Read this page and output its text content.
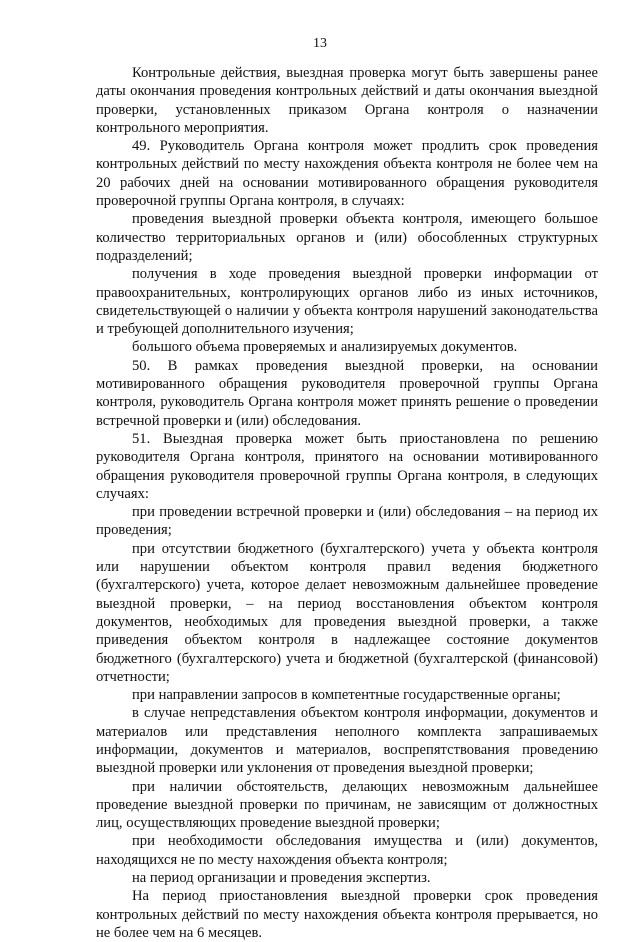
13

Контрольные действия, выездная проверка могут быть завершены ранее даты окончания проведения контрольных действий и даты окончания выездной проверки, установленных приказом Органа контроля о назначении контрольного мероприятия.

49. Руководитель Органа контроля может продлить срок проведения контрольных действий по месту нахождения объекта контроля не более чем на 20 рабочих дней на основании мотивированного обращения руководителя проверочной группы Органа контроля, в случаях:

проведения выездной проверки объекта контроля, имеющего большое количество территориальных органов и (или) обособленных структурных подразделений;

получения в ходе проведения выездной проверки информации от правоохранительных, контролирующих органов либо из иных источников, свидетельствующей о наличии у объекта контроля нарушений законодательства и требующей дополнительного изучения;

большого объема проверяемых и анализируемых документов.

50. В рамках проведения выездной проверки, на основании мотивированного обращения руководителя проверочной группы Органа контроля, руководитель Органа контроля может принять решение о проведении встречной проверки и (или) обследования.

51. Выездная проверка может быть приостановлена по решению руководителя Органа контроля, принятого на основании мотивированного обращения руководителя проверочной группы Органа контроля, в следующих случаях:

при проведении встречной проверки и (или) обследования – на период их проведения;

при отсутствии бюджетного (бухгалтерского) учета у объекта контроля или нарушении объектом контроля правил ведения бюджетного (бухгалтерского) учета, которое делает невозможным дальнейшее проведение выездной проверки, – на период восстановления объектом контроля документов, необходимых для проведения выездной проверки, а также приведения объектом контроля в надлежащее состояние документов бюджетного (бухгалтерского) учета и бюджетной (бухгалтерской (финансовой) отчетности;

при направлении запросов в компетентные государственные органы;

в случае непредставления объектом контроля информации, документов и материалов или представления неполного комплекта запрашиваемых информации, документов и материалов, воспрепятствования проведению выездной проверки или уклонения от проведения выездной проверки;

при наличии обстоятельств, делающих невозможным дальнейшее проведение выездной проверки по причинам, не зависящим от должностных лиц, осуществляющих проведение выездной проверки;

при необходимости обследования имущества и (или) документов, находящихся не по месту нахождения объекта контроля;

на период организации и проведения экспертиз.

На период приостановления выездной проверки срок проведения контрольных действий по месту нахождения объекта контроля прерывается, но не более чем на 6 месяцев.
